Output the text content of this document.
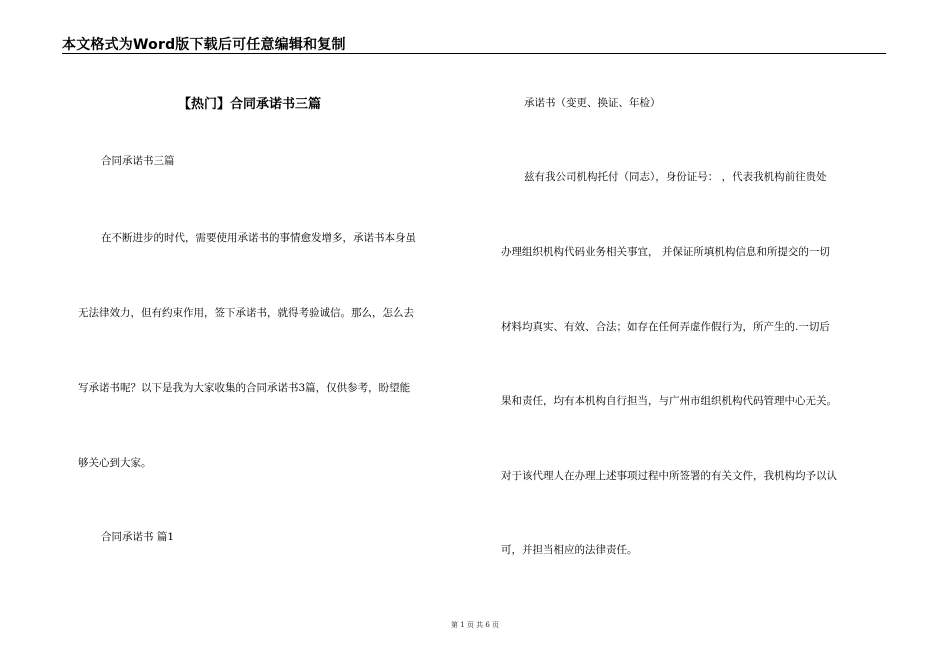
本文格式为Word版下载后可任意编辑和复制
【热门】合同承诺书三篇
合同承诺书三篇
在不断进步的时代，需要使用承诺书的事情愈发增多，承诺书本身虽
无法律效力，但有约束作用，签下承诺书，就得考验诚信。那么，怎么去
写承诺书呢？以下是我为大家收集的合同承诺书3篇，仅供参考，盼望能
够关心到大家。
合同承诺书 篇1
承诺书（变更、换证、年检）
兹有我公司机构托付（同志），身份证号： ，代表我机构前往贵处
办理组织机构代码业务相关事宜， 并保证所填机构信息和所提交的一切
材料均真实、有效、合法；如存在任何弄虚作假行为，所产生的.一切后
果和责任，均有本机构自行担当，与广州市组织机构代码管理中心无关。
对于该代理人在办理上述事项过程中所签署的有关文件，我机构均予以认
可，并担当相应的法律责任。
第 1 页 共 6 页
